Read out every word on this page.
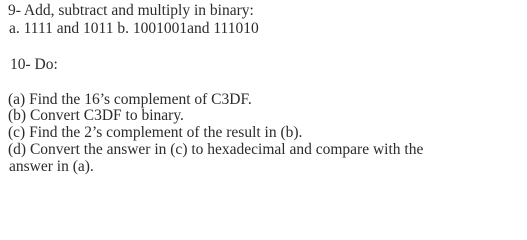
9- Add, subtract and multiply in binary:
a. 1111 and 1011 b. 1001001and 111010
10- Do:
(a) Find the 16’s complement of C3DF.
(b) Convert C3DF to binary.
(c) Find the 2’s complement of the result in (b).
(d) Convert the answer in (c) to hexadecimal and compare with the
answer in (a).
